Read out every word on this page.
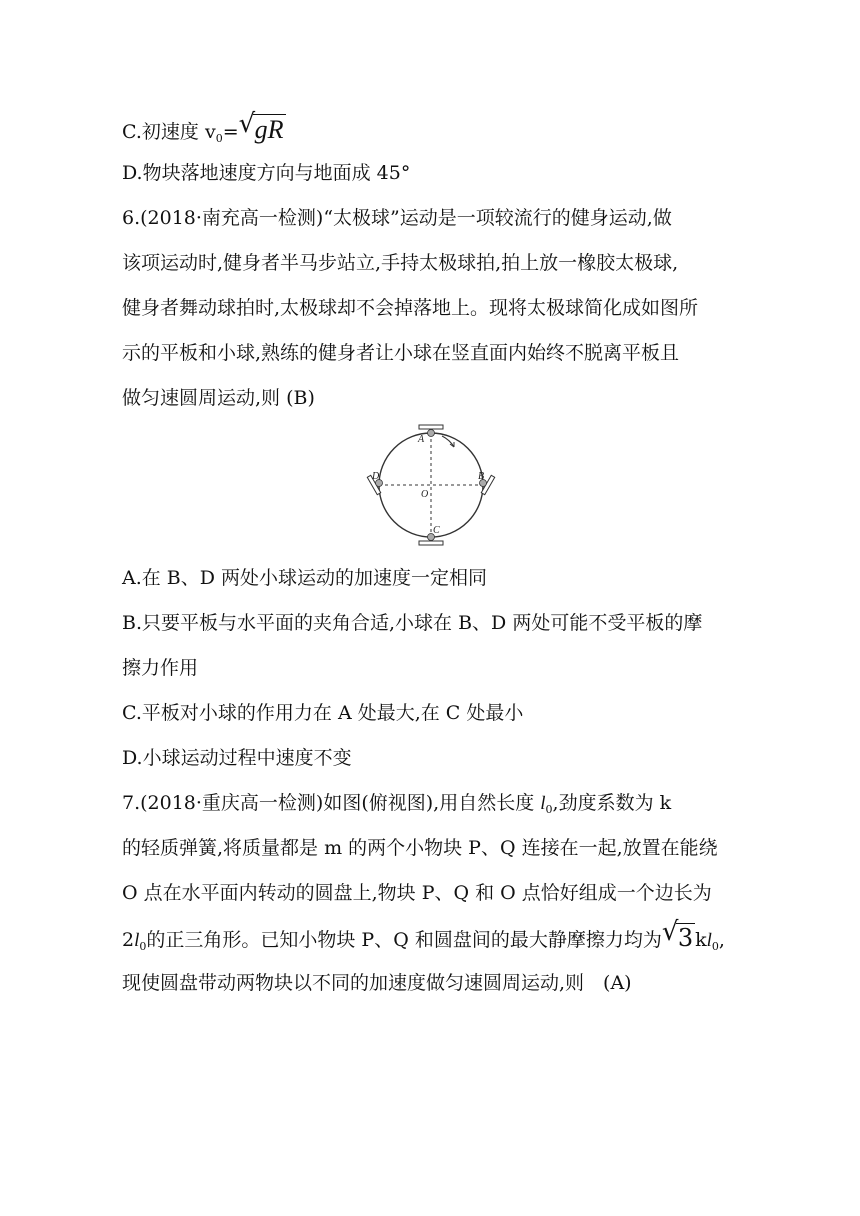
C.初速度 $v_0=$ √ gR
D.物块落地速度方向与地面成 45°
6.(2018·南充高一检测)“太极球”运动是一项较流行的健身运动,做
该项运动时,健身者半马步站立,手持太极球拍,拍上放一橡胶太极球,
健身者舞动球拍时,太极球却不会掉落地上。现将太极球简化成如图所
示的平板和小球,熟练的健身者让小球在竖直面内始终不脱离平板且
做匀速圆周运动,则 (B)
A
B
C
D
O
A.在 B、D 两处小球运动的加速度一定相同
B.只要平板与水平面的夹角合适,小球在 B、D 两处可能不受平板的摩
擦力作用
C.平板对小球的作用力在 A 处最大,在 C 处最小
D.小球运动过程中速度不变
7.(2018·重庆高一检测)如图(俯视图),用自然长度 $l_0$,劲度系数为 k
的轻质弹簧,将质量都是 m 的两个小物块 P、Q 连接在一起,放置在能绕
O 点在水平面内转动的圆盘上,物块 P、Q 和 O 点恰好组成一个边长为
$2l_0$的正三角形。已知小物块 P、Q 和圆盘间的最大静摩擦力均为 √ 3 $kl_0$,
现使圆盘带动两物块以不同的加速度做匀速圆周运动,则　(A)
